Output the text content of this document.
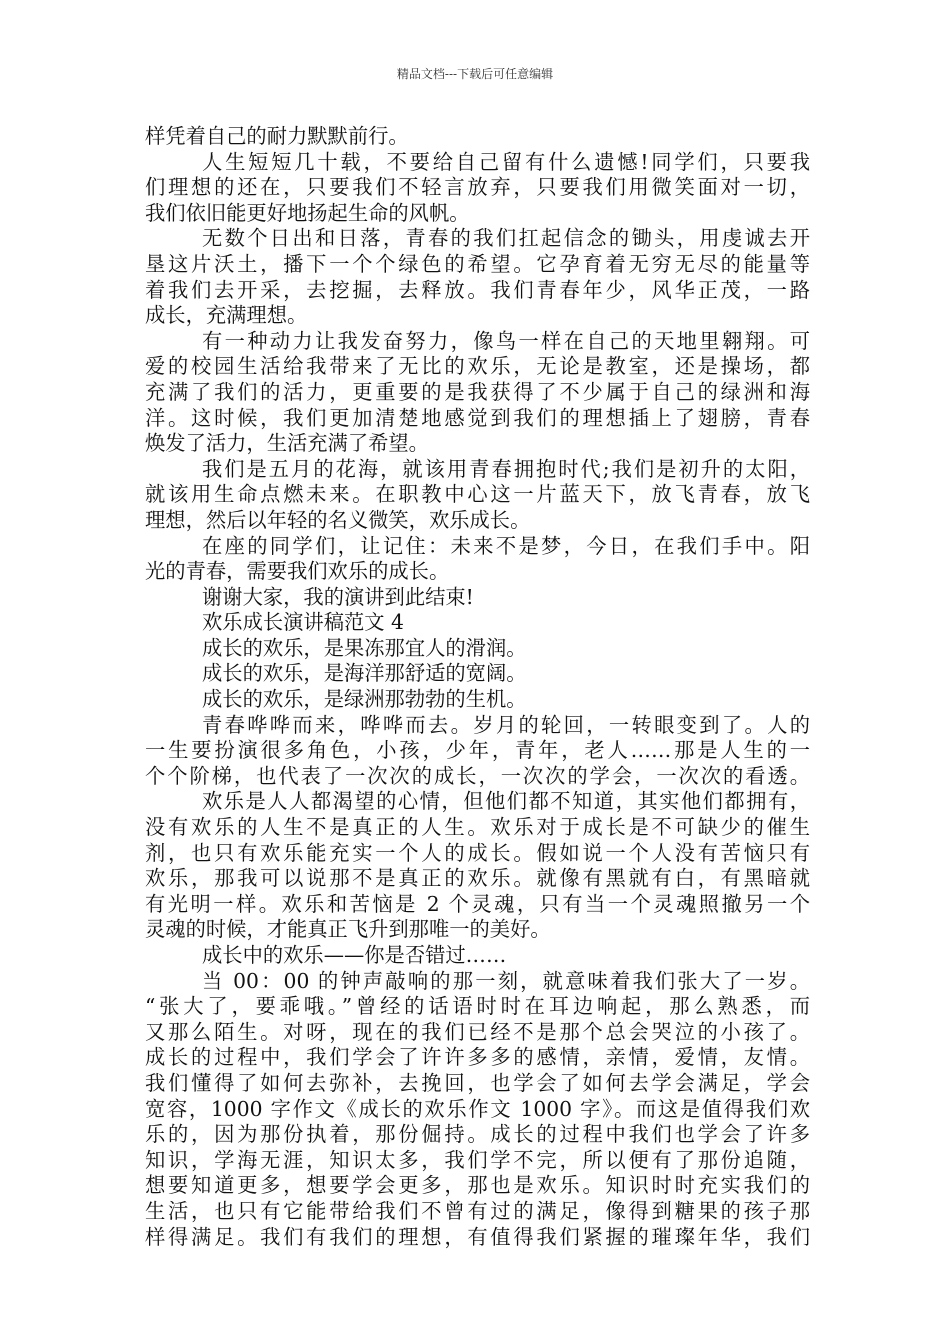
精品文档---下载后可任意编辑
样凭着自己的耐力默默前行。
人生短短几十载，不要给自己留有什么遗憾!同学们，只要我
们理想的还在，只要我们不轻言放弃，只要我们用微笑面对一切，
我们依旧能更好地扬起生命的风帆。
无数个日出和日落，青春的我们扛起信念的锄头，用虔诚去开
垦这片沃土，播下一个个绿色的希望。它孕育着无穷无尽的能量等
着我们去开采，去挖掘，去释放。我们青春年少，风华正茂，一路
成长，充满理想。
有一种动力让我发奋努力，像鸟一样在自己的天地里翱翔。可
爱的校园生活给我带来了无比的欢乐，无论是教室，还是操场，都
充满了我们的活力，更重要的是我获得了不少属于自己的绿洲和海
洋。这时候，我们更加清楚地感觉到我们的理想插上了翅膀，青春
焕发了活力，生活充满了希望。
我们是五月的花海，就该用青春拥抱时代;我们是初升的太阳，
就该用生命点燃未来。在职教中心这一片蓝天下，放飞青春，放飞
理想，然后以年轻的名义微笑，欢乐成长。
在座的同学们，让记住：未来不是梦，今日，在我们手中。阳
光的青春，需要我们欢乐的成长。
谢谢大家，我的演讲到此结束!
欢乐成长演讲稿范文 4
成长的欢乐，是果冻那宜人的滑润。
成长的欢乐，是海洋那舒适的宽阔。
成长的欢乐，是绿洲那勃勃的生机。
青春哗哗而来，哗哗而去。岁月的轮回，一转眼变到了。人的
一生要扮演很多角色，小孩，少年，青年，老人……那是人生的一
个个阶梯，也代表了一次次的成长，一次次的学会，一次次的看透。
欢乐是人人都渴望的心情，但他们都不知道，其实他们都拥有，
没有欢乐的人生不是真正的人生。欢乐对于成长是不可缺少的催生
剂，也只有欢乐能充实一个人的成长。假如说一个人没有苦恼只有
欢乐，那我可以说那不是真正的欢乐。就像有黑就有白，有黑暗就
有光明一样。欢乐和苦恼是 2 个灵魂，只有当一个灵魂照撤另一个
灵魂的时候，才能真正飞升到那唯一的美好。
成长中的欢乐——你是否错过……
当 00：00 的钟声敲响的那一刻，就意味着我们张大了一岁。
“张大了，要乖哦。”曾经的话语时时在耳边响起，那么熟悉，而
又那么陌生。对呀，现在的我们已经不是那个总会哭泣的小孩了。
成长的过程中，我们学会了许许多多的感情，亲情，爱情，友情。
我们懂得了如何去弥补，去挽回，也学会了如何去学会满足，学会
宽容，1000 字作文《成长的欢乐作文 1000 字》。而这是值得我们欢
乐的，因为那份执着，那份倔持。成长的过程中我们也学会了许多
知识，学海无涯，知识太多，我们学不完，所以便有了那份追随，
想要知道更多，想要学会更多，那也是欢乐。知识时时充实我们的
生活，也只有它能带给我们不曾有过的满足，像得到糖果的孩子那
样得满足。我们有我们的理想，有值得我们紧握的璀璨年华，我们
